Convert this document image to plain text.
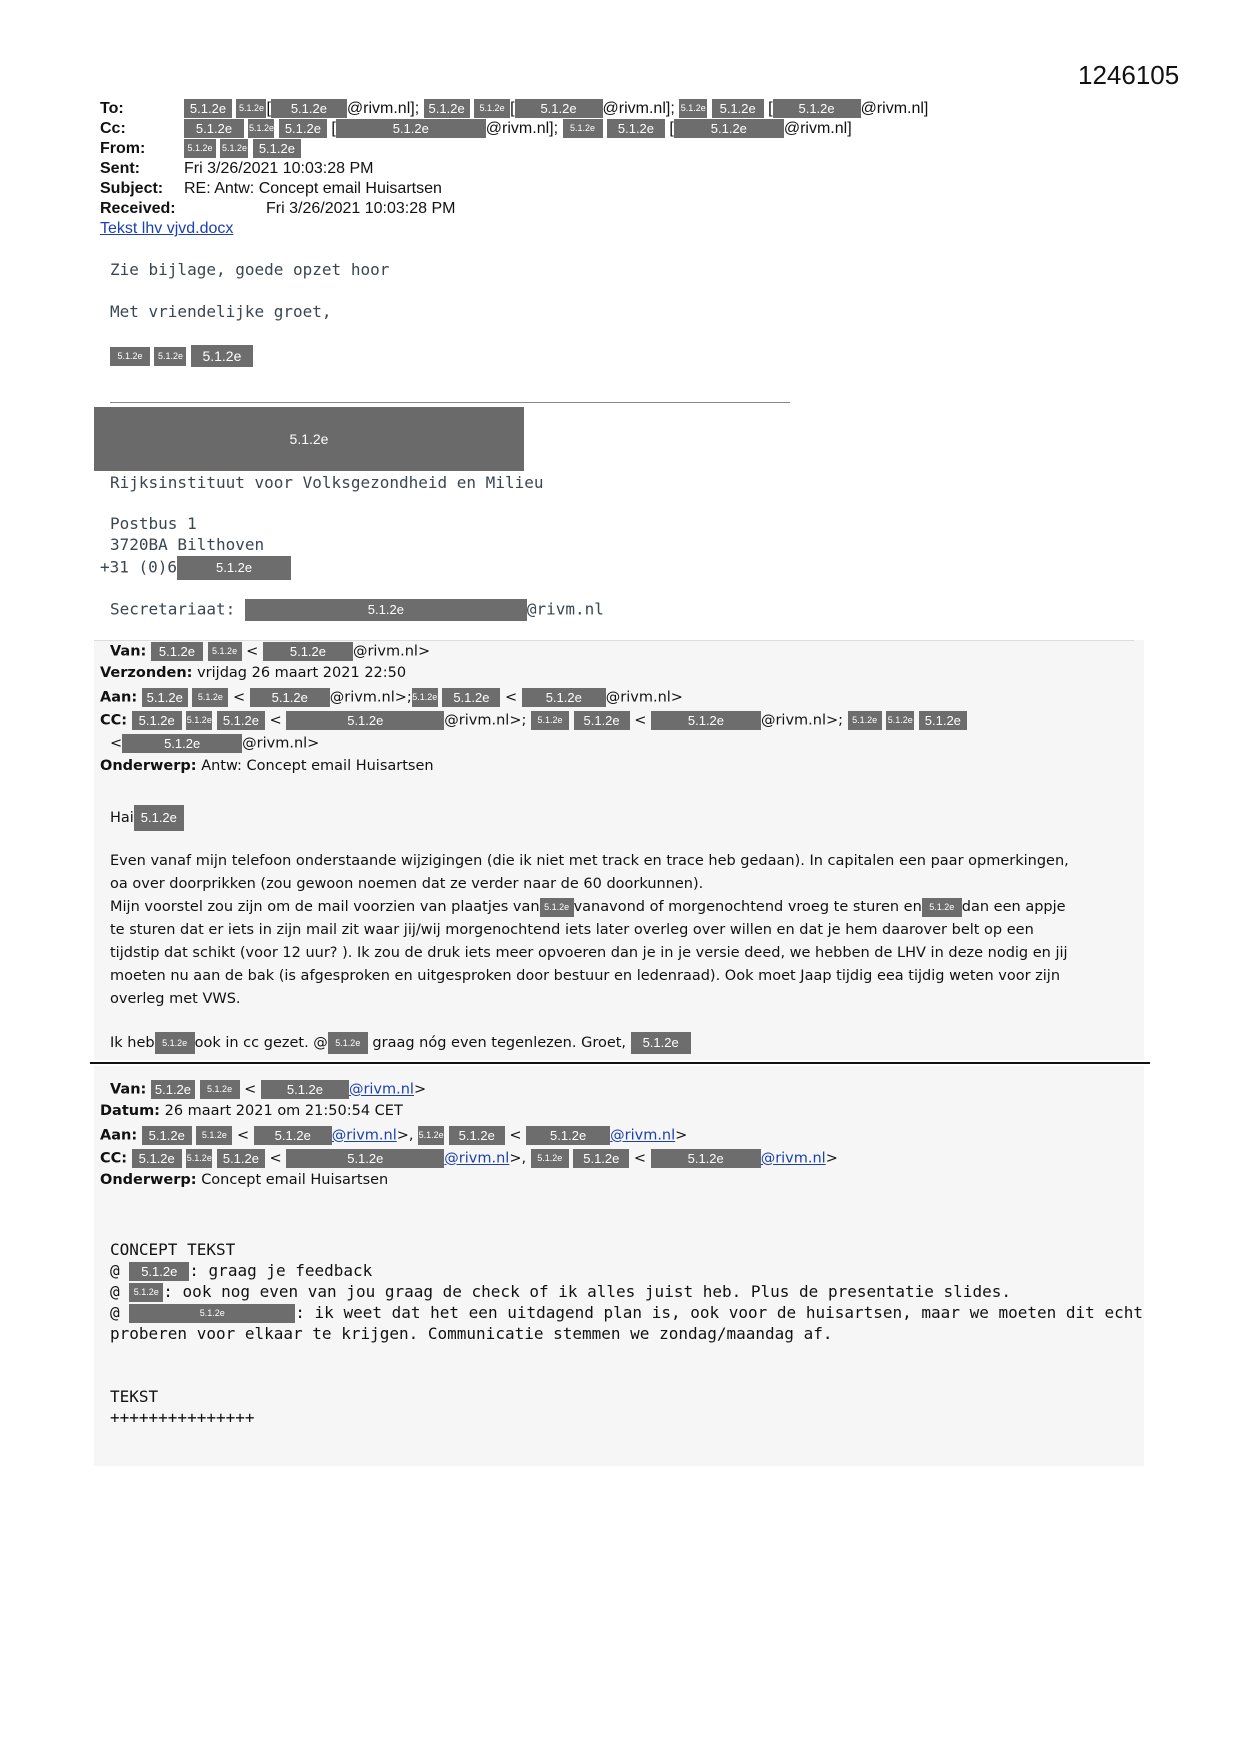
1246105
To:	5.1.2e 5.1.2e [ 5.1.2e @rivm.nl]; 5.1.2e 5.1.2e [ 5.1.2e @rivm.nl]; 5.1.2e 5.1.2e [ 5.1.2e @rivm.nl]
Cc:	5.1.2e 5.1.2e 5.1.2e [	5.1.2e	@rivm.nl]; 5.1.2e 5.1.2e [	5.1.2e @rivm.nl]
From:	5.1.2e 5.1.2e 5.1.2e
Sent:	Fri 3/26/2021 10:03:28 PM
Subject: RE: Antw: Concept email Huisartsen
Received:	Fri 3/26/2021 10:03:28 PM
Tekst lhv vjvd.docx
Zie bijlage, goede opzet hoor
Met vriendelijke groet,
5.1.2e 5.1.2e 5.1.2e
5.1.2e
Rijksinstituut voor Volksgezondheid en Milieu
Postbus 1
3720BA Bilthoven
+31 (0)6	5.1.2e
Secretariaat:	5.1.2e	@rivm.nl
Van: 5.1.2e 5.1.2e < 5.1.2e @rivm.nl>
Verzonden: vrijdag 26 maart 2021 22:50
Aan: 5.1.2e 5.1.2e < 5.1.2e @rivm.nl>;5.1.2e 5.1.2e < 5.1.2e @rivm.nl>
CC: 5.1.2e 5.1.2e 5.1.2e <	5.1.2e	@rivm.nl>; 5.1.2e 5.1.2e <	5.1.2e	@rivm.nl>; 5.1.2e 5.1.2e 5.1.2e
<	5.1.2e	@rivm.nl>
Onderwerp: Antw: Concept email Huisartsen
Hai 5.1.2e
Even vanaf mijn telefoon onderstaande wijzigingen (die ik niet met track en trace heb gedaan). In capitalen een paar opmerkingen,
oa over doorprikken (zou gewoon noemen dat ze verder naar de 60 doorkunnen).
Mijn voorstel zou zijn om de mail voorzien van plaatjes van 5.1.2e vanavond of morgenochtend vroeg te sturen en 5.1.2e dan een appje
te sturen dat er iets in zijn mail zit waar jij/wij morgenochtend iets later overleg over willen en dat je hem daarover belt op een
tijdstip dat schikt (voor 12 uur? ). Ik zou de druk iets meer opvoeren dan je in je versie deed, we hebben de LHV in deze nodig en jij
moeten nu aan de bak (is afgesproken en uitgesproken door bestuur en ledenraad). Ook moet Jaap tijdig eea tijdig weten voor zijn
overleg met VWS.
Ik heb 5.1.2e ook in cc gezet. @ 5.1.2e graag nóg even tegenlezen. Groet, 5.1.2e
Van: 5.1.2e 5.1.2e < 5.1.2e @rivm.nl>
Datum: 26 maart 2021 om 21:50:54 CET
Aan: 5.1.2e 5.1.2e < 5.1.2e @rivm.nl>, 5.1.2e 5.1.2e < 5.1.2e @rivm.nl>
CC: 5.1.2e 5.1.2e 5.1.2e <	5.1.2e	@rivm.nl>, 5.1.2e 5.1.2e <	5.1.2e	@rivm.nl>
Onderwerp: Concept email Huisartsen
CONCEPT TEKST
@ 5.1.2e : graag je feedback
@ 5.1.2e : ook nog even van jou graag de check of ik alles juist heb. Plus de presentatie slides.
@	5.1.2e	: ik weet dat het een uitdagend plan is, ook voor de huisartsen, maar we moeten dit echt
proberen voor elkaar te krijgen. Communicatie stemmen we zondag/maandag af.
TEKST
+++++++++++++++
